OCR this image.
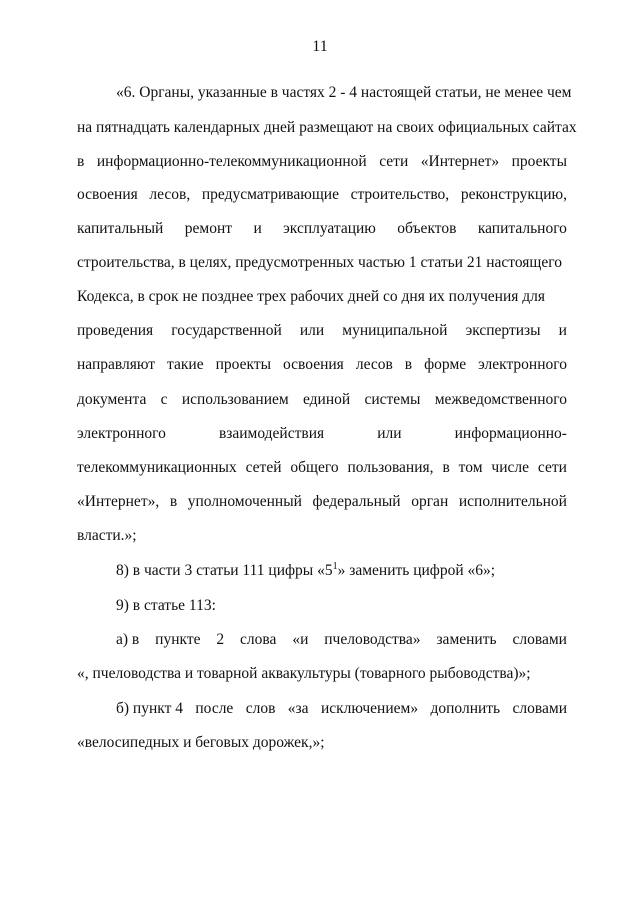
11
«6. Органы, указанные в частях 2 - 4 настоящей статьи, не менее чем
на пятнадцать календарных дней размещают на своих официальных сайтах
в информационно-телекоммуникационной сети «Интернет» проекты
освоения лесов, предусматривающие строительство, реконструкцию,
капитальный ремонт и эксплуатацию объектов капитального
строительства, в целях, предусмотренных частью 1 статьи 21 настоящего
Кодекса, в срок не позднее трех рабочих дней со дня их получения для
проведения государственной или муниципальной экспертизы и
направляют такие проекты освоения лесов в форме электронного
документа с использованием единой системы межведомственного
электронного	взаимодействия	или	информационно-
телекоммуникационных сетей общего пользования, в том числе сети
«Интернет», в уполномоченный федеральный орган исполнительной
власти.»;
8) в части 3 статьи 111 цифры «$5^1$» заменить цифрой «6»;
9) в статье 113:
а) в пункте 2 слова «и пчеловодства» заменить словами
«, пчеловодства и товарной аквакультуры (товарного рыбоводства)»;
б) пункт 4 после слов «за исключением» дополнить словами
«велосипедных и беговых дорожек,»;
